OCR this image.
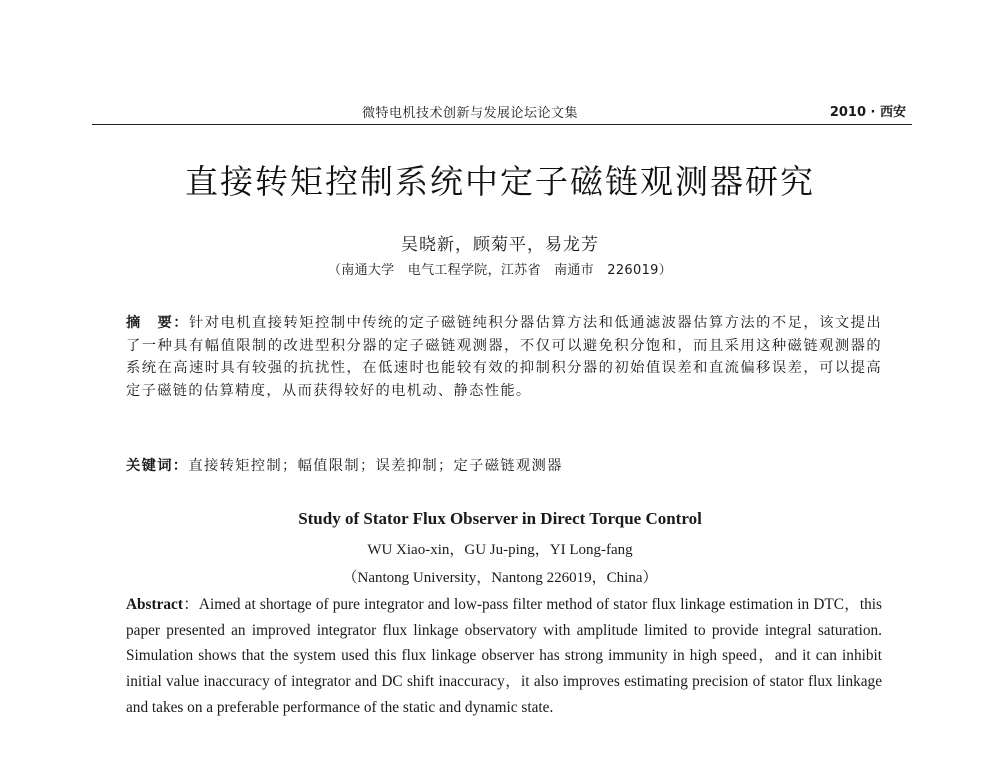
微特电机技术创新与发展论坛论文集	2010 · 西安
直接转矩控制系统中定子磁链观测器研究
吴晓新，顾菊平，易龙芳
（南通大学　电气工程学院，江苏省　南通市　226019）
摘　要：针对电机直接转矩控制中传统的定子磁链纯积分器估算方法和低通滤波器估算方法的不足，该文提出了一种具有幅值限制的改进型积分器的定子磁链观测器，不仅可以避免积分饱和，而且采用这种磁链观测器的系统在高速时具有较强的抗扰性，在低速时也能较有效的抑制积分器的初始值误差和直流偏移误差，可以提高定子磁链的估算精度，从而获得较好的电机动、静态性能。
关键词：直接转矩控制；幅值限制；误差抑制；定子磁链观测器
Study of Stator Flux Observer in Direct Torque Control
WU Xiao-xin，GU Ju-ping，YI Long-fang
（Nantong University，Nantong 226019，China）
Abstract：Aimed at shortage of pure integrator and low-pass filter method of stator flux linkage estimation in DTC，this paper presented an improved integrator flux linkage observatory with amplitude limited to provide integral saturation. Simulation shows that the system used this flux linkage observer has strong immunity in high speed，and it can inhibit initial value inaccuracy of integrator and DC shift inaccuracy，it also improves estimating precision of stator flux linkage and takes on a preferable performance of the static and dynamic state.
